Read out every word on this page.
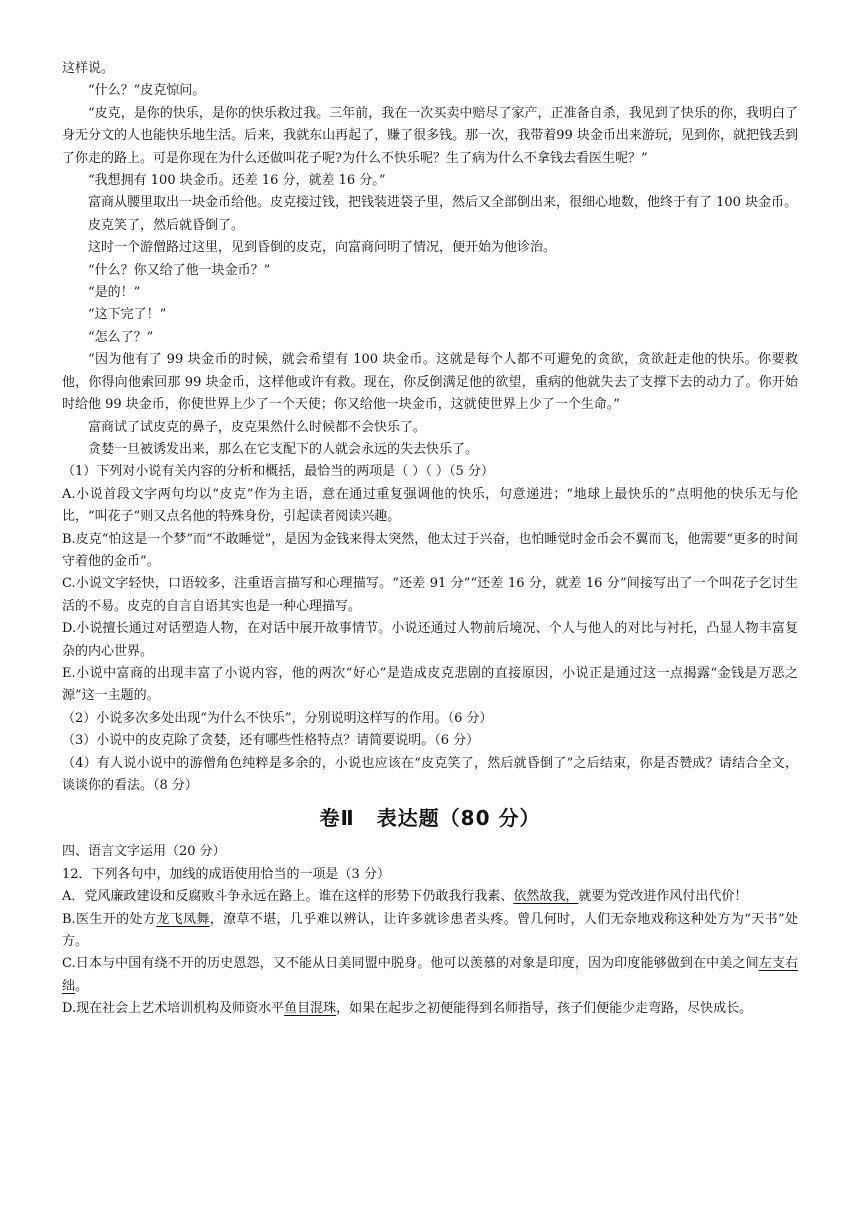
这样说。

“什么？”皮克惊问。

“皮克，是你的快乐，是你的快乐救过我。三年前，我在一次买卖中赔尽了家产，正准备自杀，我见到了快乐的你，我明白了身无分文的人也能快乐地生活。后来，我就东山再起了，赚了很多钱。那一次，我带着99 块金币出来游玩，见到你，就把钱丢到了你走的路上。可是你现在为什么还做叫花子呢?为什么不快乐呢？生了病为什么不拿钱去看医生呢？”

“我想拥有 100 块金币。还差 16 分，就差 16 分。”

富商从腰里取出一块金币给他。皮克接过钱，把钱装进袋子里，然后又全部倒出来，很细心地数，他终于有了 100 块金币。

皮克笑了，然后就昏倒了。

这时一个游僧路过这里，见到昏倒的皮克，向富商问明了情况，便开始为他诊治。

“什么？你又给了他一块金币？”

“是的！”

“这下完了！”

“怎么了？”

“因为他有了 99 块金币的时候，就会希望有 100 块金币。这就是每个人都不可避免的贪欲，贪欲赶走他的快乐。你要救他，你得向他索回那 99 块金币，这样他或许有救。现在，你反倒满足他的欲望，重病的他就失去了支撑下去的动力了。你开始时给他 99 块金币，你使世界上少了一个天使；你又给他一块金币，这就使世界上少了一个生命。”

富商试了试皮克的鼻子，皮克果然什么时候都不会快乐了。

贪婪一旦被诱发出来，那么在它支配下的人就会永远的失去快乐了。

（1）下列对小说有关内容的分析和概括，最恰当的两项是（ ）（ ）（5 分）

A.小说首段文字两句均以“皮克”作为主语，意在通过重复强调他的快乐，句意递进；“地球上最快乐的”点明他的快乐无与伦比，“叫花子”则又点名他的特殊身份，引起读者阅读兴趣。

B.皮克“怕这是一个梦”而“不敢睡觉”，是因为金钱来得太突然，他太过于兴奋，也怕睡觉时金币会不翼而飞，他需要“更多的时间守着他的金币”。

C.小说文字轻快，口语较多，注重语言描写和心理描写。“还差 91 分”“还差 16 分，就差 16 分”间接写出了一个叫花子乞讨生活的不易。皮克的自言自语其实也是一种心理描写。

D.小说擅长通过对话塑造人物，在对话中展开故事情节。小说还通过人物前后境况、个人与他人的对比与衬托，凸显人物丰富复杂的内心世界。

E.小说中富商的出现丰富了小说内容，他的两次“好心”是造成皮克悲剧的直接原因，小说正是通过这一点揭露“金钱是万恶之源”这一主题的。

（2）小说多次多处出现“为什么不快乐”，分别说明这样写的作用。（6 分）

（3）小说中的皮克除了贪婪，还有哪些性格特点？请简要说明。（6 分）

（4）有人说小说中的游僧角色纯粹是多余的，小说也应该在“皮克笑了，然后就昏倒了”之后结束，你是否赞成？请结合全文，谈谈你的看法。（8 分）

卷Ⅱ 表达题（80 分）

四、语言文字运用（20 分）

12．下列各句中，加线的成语使用恰当的一项是（3 分）

A．党风廉政建设和反腐败斗争永远在路上。谁在这样的形势下仍敢我行我素、依然故我，就要为党改进作风付出代价！

B.医生开的处方龙飞凤舞，潦草不堪，几乎难以辨认，让许多就诊患者头疼。曾几何时，人们无奈地戏称这种处方为“天书”处方。

C.日本与中国有绕不开的历史恩怨，又不能从日美同盟中脱身。他可以羡慕的对象是印度，因为印度能够做到在中美之间左支右绌。

D.现在社会上艺术培训机构及师资水平鱼目混珠，如果在起步之初便能得到名师指导，孩子们便能少走弯路，尽快成长。
